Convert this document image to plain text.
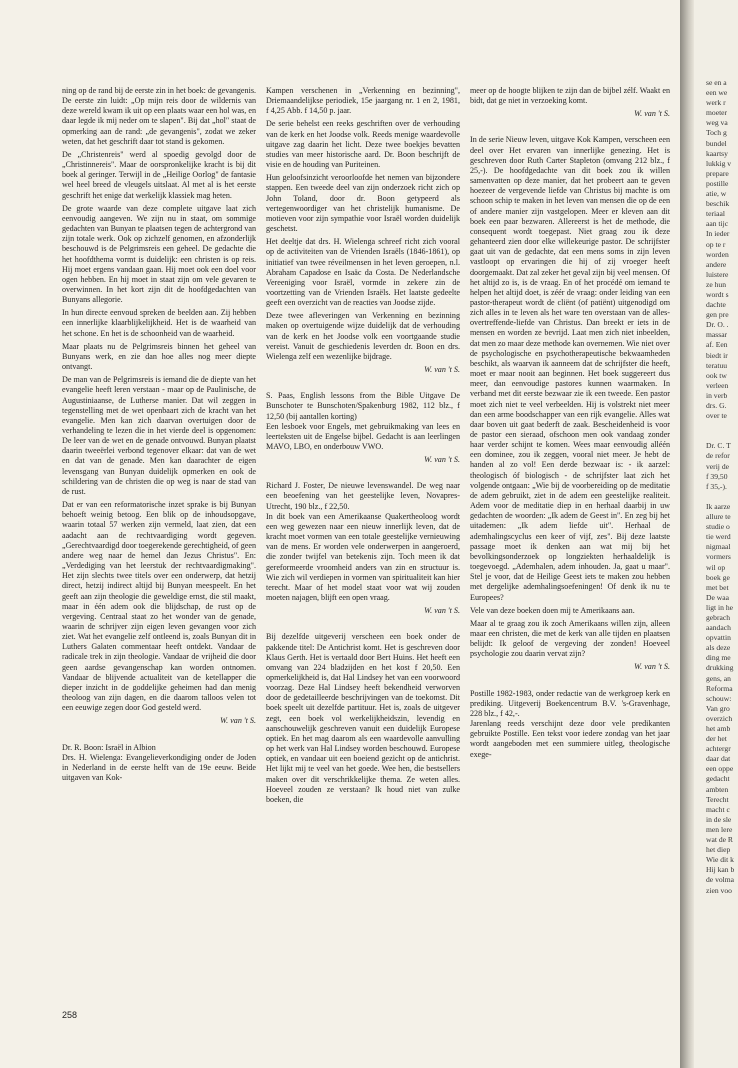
ning op de rand bij de eerste zin in het boek: de gevangenis. De eerste zin luidt: „Op mijn reis door de wildernis van deze wereld kwam ik uit op een plaats waar een hol was, en daar legde ik mij neder om te slapen". Bij dat „hol" staat de opmerking aan de rand: „de gevangenis", zodat we zeker weten, dat het geschrift daar tot stand is gekomen.

De „Christenreis" werd al spoedig gevolgd door de „Christinnereis". Maar de oorspronkelijke kracht is bij dit boek al geringer. Terwijl in de „Heilige Oorlog" de fantasie wel heel breed de vleugels uitslaat. Al met al is het eerste geschrift het enige dat werkelijk klassiek mag heten.

De grote waarde van deze complete uitgave laat zich eenvoudig aangeven. We zijn nu in staat, om sommige gedachten van Bunyan te plaatsen tegen de achtergrond van zijn totale werk. Ook op zichzelf genomen, en afzonderlijk beschouwd is de Pelgrimsreis een geheel. De gedachte die het hoofdthema vormt is duidelijk: een christen is op reis. Hij moet ergens vandaan gaan. Hij moet ook een doel voor ogen hebben. En hij moet in staat zijn om vele gevaren te overwinnen. In het kort zijn dit de hoofdgedachten van Bunyans allegorie.

In hun directe eenvoud spreken de beelden aan. Zij hebben een innerlijke klaarblijkelijkheid. Het is de waarheid van het schone. En het is de schoonheid van de waarheid.

Maar plaats nu de Pelgrimsreis binnen het geheel van Bunyans werk, en zie dan hoe alles nog meer diepte ontvangt.

De man van de Pelgrimsreis is iemand die de diepte van het evangelie heeft leren verstaan - maar op de Paulinische, de Augustiniaanse, de Lutherse manier. Dat wil zeggen in tegenstelling met de wet openbaart zich de kracht van het evangelie. Men kan zich daarvan overtuigen door de verhandeling te lezen die in het vierde deel is opgenomen: De leer van de wet en de genade ontvouwd. Bunyan plaatst daarin tweeërlei verbond tegenover elkaar: dat van de wet en dat van de genade. Men kan daarachter de eigen levensgang van Bunyan duidelijk opmerken en ook de schildering van de christen die op weg is naar de stad van de rust.

Dat er van een reformatorische inzet sprake is bij Bunyan behoeft weinig betoog. Een blik op de inhoudsopgave, waarin totaal 57 werken zijn vermeld, laat zien, dat een aadacht aan de rechtvaardiging wordt gegeven. „Gerechtvaardigd door toegerekende gerechtigheid, of geen andere weg naar de hemel dan Jezus Christus". En: „Verdediging van het leerstuk der rechtvaardigmaking". Het zijn slechts twee titels over een onderwerp, dat hetzij direct, hetzij indirect altijd bij Bunyan meespeelt. En het geeft aan zijn theologie die geweldige ernst, die stil maakt, maar in één adem ook die blijdschap, de rust op de vergeving. Centraal staat zo het wonder van de genade, waarin de schrijver zijn eigen leven gevangen voor zich ziet. Wat het evangelie zelf ontleend is, zoals Bunyan dit in Luthers Galaten commentaar heeft ontdekt. Vandaar de radicale trek in zijn theologie. Vandaar de vrijheid die door geen aardse gevangenschap kan worden ontnomen. Vandaar de blijvende actualiteit van de ketellapper die dieper inzicht in de goddelijke geheimen had dan menig theoloog van zijn dagen, en die daarom talloos velen tot een eeuwige zegen door God gesteld werd.

W. van 't S.

Dr. R. Boon: Israël in Albion

Drs. H. Wielenga: Evangelieverkondiging onder de Joden in Nederland in de eerste helft van de 19e eeuw. Beide uitgaven van Kok-

Kampen verschenen in „Verkenning en bezinning", Driemaandelijkse periodiek, 15e jaargang nr. 1 en 2, 1981, f 4,25 Abb. f 14,50 p. jaar.

De serie behelst een reeks geschriften over de verhouding van de kerk en het Joodse volk. Reeds menige waardevolle uitgave zag daarin het licht. Deze twee boekjes bevatten studies van meer historische aard. Dr. Boon beschrijft de visie en de houding van Puriteinen.

Hun geloofsinzicht veroorloofde het nemen van bijzondere stappen. Een tweede deel van zijn onderzoek richt zich op John Toland, door dr. Boon getypeerd als vertegenwoordiger van het christelijk humanisme. De motieven voor zijn sympathie voor Israël worden duidelijk geschetst.

Het deeltje dat drs. H. Wielenga schreef richt zich vooral op de activiteiten van de Vrienden Israëls (1846-1861), op initiatief van twee réveilmensen in het leven geroepen, n.l. Abraham Capadose en Isaäc da Costa. De Nederlandsche Vereeniging voor Israël, vormde in zekere zin de voortzetting van de Vrienden Israëls. Het laatste gedeelte geeft een overzicht van de reacties van Joodse zijde.

Deze twee afleveringen van Verkenning en bezinning maken op overtuigende wijze duidelijk dat de verhouding van de kerk en het Joodse volk een voortgaande studie vereist. Vanuit de geschiedenis leverden dr. Boon en drs. Wielenga zelf een wezenlijke bijdrage.

W. van 't S.

S. Paas, English lessons from the Bible Uitgave De Bunschoter te Bunschoten/Spakenburg 1982, 112 blz., f 12,50 (bij aantallen korting)

Een lesboek voor Engels, met gebruikmaking van lees en leerteksten uit de Engelse bijbel. Gedacht is aan leerlingen MAVO, LBO, en onderbouw VWO.

W. van 't S.

Richard J. Foster, De nieuwe levenswandel. De weg naar een beoefening van het geestelijke leven, Novapres-Utrecht, 190 blz., f 22,50.

In dit boek van een Amerikaanse Quakertheoloog wordt een weg gewezen naar een nieuw innerlijk leven, dat de kracht moet vormen van een totale geestelijke vernieuwing van de mens. Er worden vele onderwerpen in aangeroerd, die zonder twijfel van betekenis zijn. Toch meen ik dat gereformeerde vroomheid anders van zin en structuur is. Wie zich wil verdiepen in vormen van spiritualiteit kan hier terecht. Maar of het model staat voor wat wij zouden moeten najagen, blijft een open vraag.

W. van 't S.

Bij dezelfde uitgeverij verscheen een boek onder de pakkende titel: De Antichrist komt. Het is geschreven door Klaus Gerth. Het is vertaald door Bert Huins. Het heeft een omvang van 224 bladzijden en het kost f 20,50. Een opmerkelijkheid is, dat Hal Lindsey het van een voorwoord voorzag. Deze Hal Lindsey heeft bekendheid verworven door de gedetailleerde beschrijvingen van de toekomst. Dit boek speelt uit dezelfde partituur. Het is, zoals de uitgever zegt, een boek vol werkelijkheidszin, levendig en aanschouwelijk geschreven vanuit een duidelijk Europese optiek. En het mag daarom als een waardevolle aanvulling op het werk van Hal Lindsey worden beschouwd. Europese optiek, en vandaar uit een boeiend gezicht op de antichrist. Het lijkt mij te veel van het goede. Wee hen, die bestsellers maken over dit verschrikkelijke thema. Ze weten alles. Hoeveel zouden ze verstaan? Ik houd niet van zulke boeken, die

meer op de hoogte blijken te zijn dan de bijbel zélf. Waakt en bidt, dat ge niet in verzoeking komt.

W. van 't S.

In de serie Nieuw leven, uitgave Kok Kampen, verscheen een deel over Het ervaren van innerlijke genezing. Het is geschreven door Ruth Carter Stapleton (omvang 212 blz., f 25,-). De hoofdgedachte van dit boek zou ik willen samenvatten op deze manier, dat het probeert aan te geven hoezeer de vergevende liefde van Christus bij machte is om schoon schip te maken in het leven van mensen die op de een of andere manier zijn vastgelopen. Meer er kleven aan dit boek een paar bezwaren. Allereerst is het de methode, die consequent wordt toegepast. Niet graag zou ik deze gehanteerd zien door elke willekeurige pastor. De schrijfster gaat uit van de gedachte, dat een mens soms in zijn leven vastloopt op ervaringen die hij of zij vroeger heeft doorgemaakt. Dat zal zeker het geval zijn bij veel mensen. Of het altijd zo is, is de vraag. En of het procédé om iemand te helpen het altijd doet, is zéér de vraag: onder leiding van een pastor-therapeut wordt de cliënt (of patiënt) uitgenodigd om zich alles in te leven als het ware ten overstaan van de alles-overtreffende-liefde van Christus. Dan breekt er iets in de mensen en worden ze bevrijd. Laat men zich niet inbeelden, dat men zo maar deze methode kan overnemen. Wie niet over de psychologische en psychotherapeutische bekwaamheden beschikt, als waarvan ik aanneem dat de schrijfster die heeft, moet er maar nooit aan beginnen. Het boek suggereert dus meer, dan eenvoudige pastores kunnen waarmaken. In verband met dit eerste bezwaar zie ik een tweede. Een pastor moet zich niet te veel verbeelden. Hij is volstrekt niet meer dan een arme boodschapper van een rijk evangelie. Alles wat daar boven uit gaat bederft de zaak. Bescheidenheid is voor de pastor een sieraad, ofschoon men ook vandaag zonder haar verder schijnt te komen. Wees maar eenvoudig alléén een dominee, zou ik zeggen, vooral niet meer. Je hebt de handen al zo vol! Een derde bezwaar is: - ik aarzel: theologisch óf biologisch - de schrijfster laat zich het volgende ontgaan: „Wie bij de voorbereiding op de meditatie de adem gebruikt, ziet in de adem een geestelijke realiteit. Adem voor de meditatie diep in en herhaal daarbij in uw gedachten de woorden: „Ik adem de Geest in". En zeg bij het uitademen: „Ik adem liefde uit". Herhaal de ademhalingscyclus een keer of vijf, zes". Bij deze laatste passage moet ik denken aan wat mij bij het bevolkingsonderzoek op longziekten herhaaldelijk is toegevoegd. „Ademhalen, adem inhouden. Ja, gaat u maar". Stel je voor, dat de Heilige Geest iets te maken zou hebben met dergelijke ademhalingsoefeningen! Of denk ik nu te Europees?

Vele van deze boeken doen mij te Amerikaans aan.

Maar al te graag zou ik zoch Amerikaans willen zijn, alleen maar een christen, die met de kerk van alle tijden en plaatsen belijdt: Ik geloof de vergeving der zonden! Hoeveel psychologie zou daarin vervat zijn?

W. van 't S.

Postille 1982-1983, onder redactie van de werkgroep kerk en prediking. Uitgeverij Boekencentrum B.V. 's-Gravenhage, 228 blz., f 42,-.

Jarenlang reeds verschijnt deze door vele predikanten gebruikte Postille. Een tekst voor iedere zondag van het jaar wordt aangeboden met een summiere uitleg, theologische exege-

258
se en a
een we
werk r
moeter
weg va
Toch g
bundel
kaartsy
lukkig v
prepare
postille
atie, w
beschik
teriaal
aan tijc
In ieder
op te r
worden
andere
luistere
ze hun
wordt s
dachte
gen pre
Dr. O. .
massar
af. Een
biedt ir
teratuu
ook tw
verleen
in verb
drs. G.
over te

Dr. C. T
de refor
verij de
f 39,50
f 35,-).

Ik aarze
allure te
studie o
tie werd
nigmaal
vormers
wil op
boek ge
met bet
De waa
ligt in he
gebrach
aandach
opvattin
als deze
ding me
drukking
gens, an
Reforma
schouw:
Van gro
overzich
het amb
der het
achtergr
daar dat
een oppe
gedacht
ambten
Terecht
macht c
in de sle
men lere
wat de R
het diep
Wie dit k
Hij kan b
de volma
zien voo
